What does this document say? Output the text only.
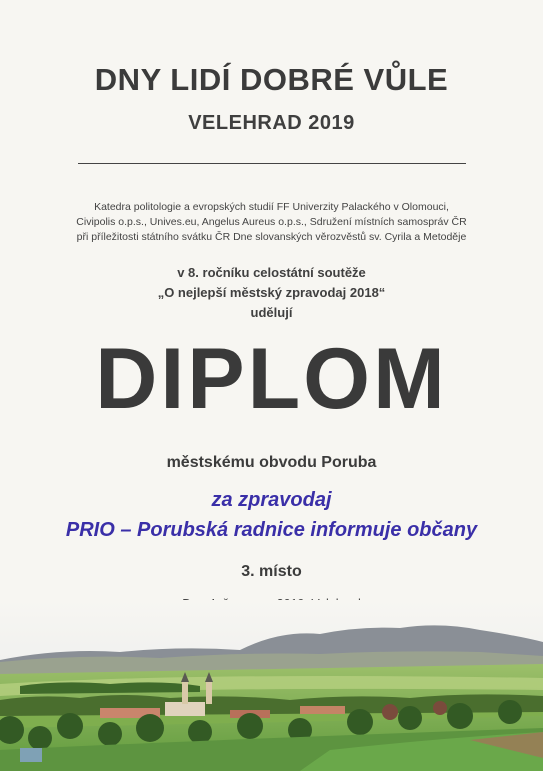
DNY LIDÍ DOBRÉ VŮLE
VELEHRAD 2019
Katedra politologie a evropských studií FF Univerzity Palackého v Olomouci,
Civipolis o.p.s., Unives.eu, Angelus Aureus o.p.s., Sdružení místních samospráv ČR
při příležitosti státního svátku ČR Dne slovanských věrozvěstů sv. Cyrila a Metoděje
v 8. ročníku celostátní soutěže
„O nejlepší městský zpravodaj 2018“
udělují
DIPLOM
městskému obvodu Poruba
za zpravodaj
PRIO – Porubská radnice informuje občany
3. místo
